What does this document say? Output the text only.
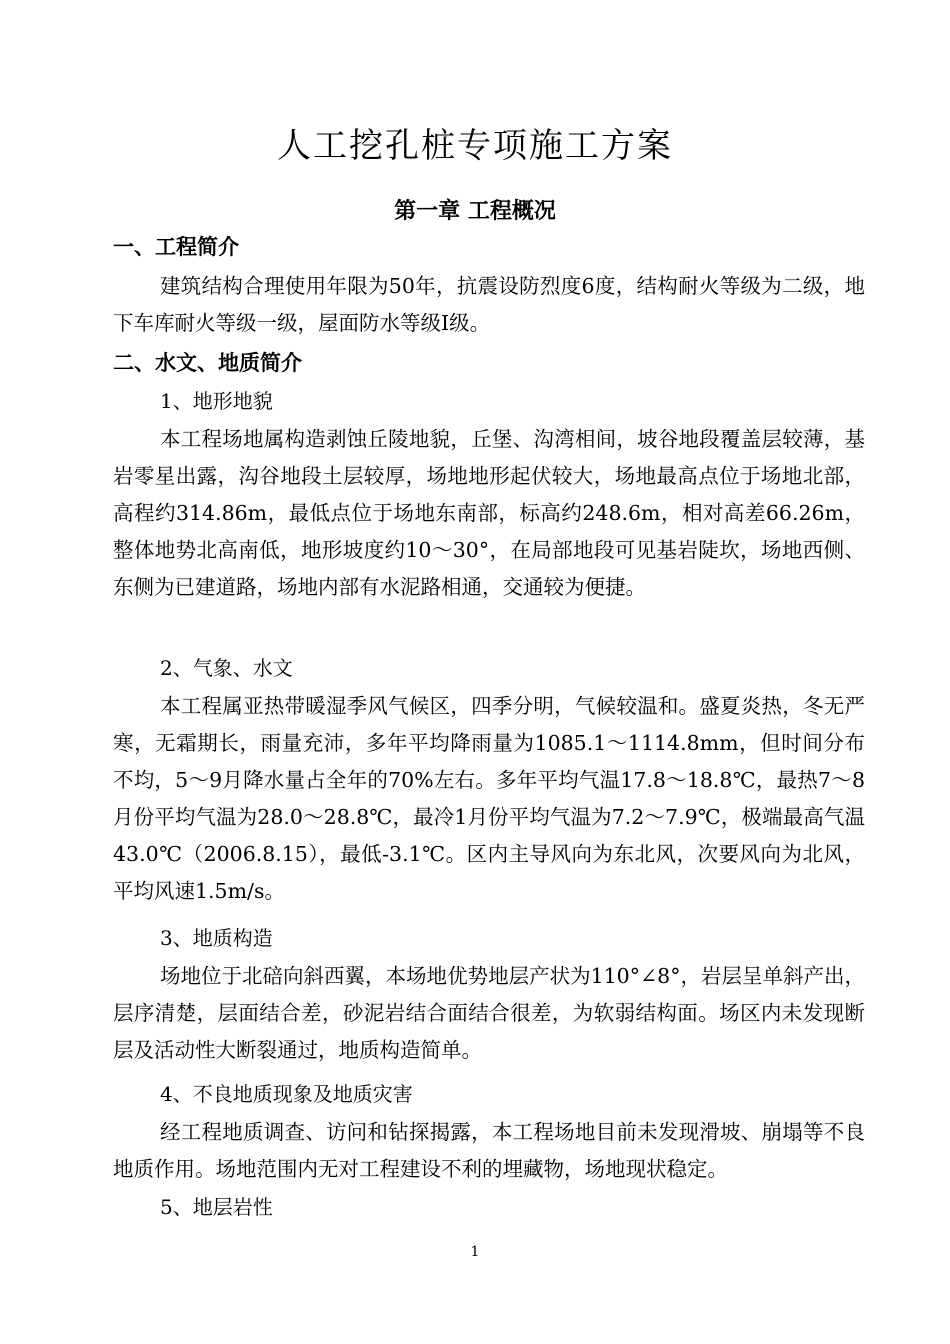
人工挖孔桩专项施工方案
第一章 工程概况
一、工程简介
建筑结构合理使用年限为50年，抗震设防烈度6度，结构耐火等级为二级，地下车库耐火等级一级，屋面防水等级Ⅰ级。
二、水文、地质简介
1、地形地貌
本工程场地属构造剥蚀丘陵地貌，丘堡、沟湾相间，坡谷地段覆盖层较薄，基岩零星出露，沟谷地段土层较厚，场地地形起伏较大，场地最高点位于场地北部，高程约314.86m，最低点位于场地东南部，标高约248.6m，相对高差66.26m，整体地势北高南低，地形坡度约10～30°，在局部地段可见基岩陡坎，场地西侧、东侧为已建道路，场地内部有水泥路相通，交通较为便捷。
2、气象、水文
本工程属亚热带暖湿季风气候区，四季分明，气候较温和。盛夏炎热，冬无严寒，无霜期长，雨量充沛，多年平均降雨量为1085.1～1114.8mm，但时间分布不均，5～9月降水量占全年的70%左右。多年平均气温17.8～18.8℃，最热7～8月份平均气温为28.0～28.8℃，最冷1月份平均气温为7.2～7.9℃，极端最高气温43.0℃（2006.8.15），最低-3.1℃。区内主导风向为东北风，次要风向为北风，平均风速1.5m/s。
3、地质构造
场地位于北碚向斜西翼，本场地优势地层产状为110°∠8°，岩层呈单斜产出，层序清楚，层面结合差，砂泥岩结合面结合很差，为软弱结构面。场区内未发现断层及活动性大断裂通过，地质构造简单。
4、不良地质现象及地质灾害
经工程地质调查、访问和钻探揭露，本工程场地目前未发现滑坡、崩塌等不良地质作用。场地范围内无对工程建设不利的埋藏物，场地现状稳定。
5、地层岩性
1
